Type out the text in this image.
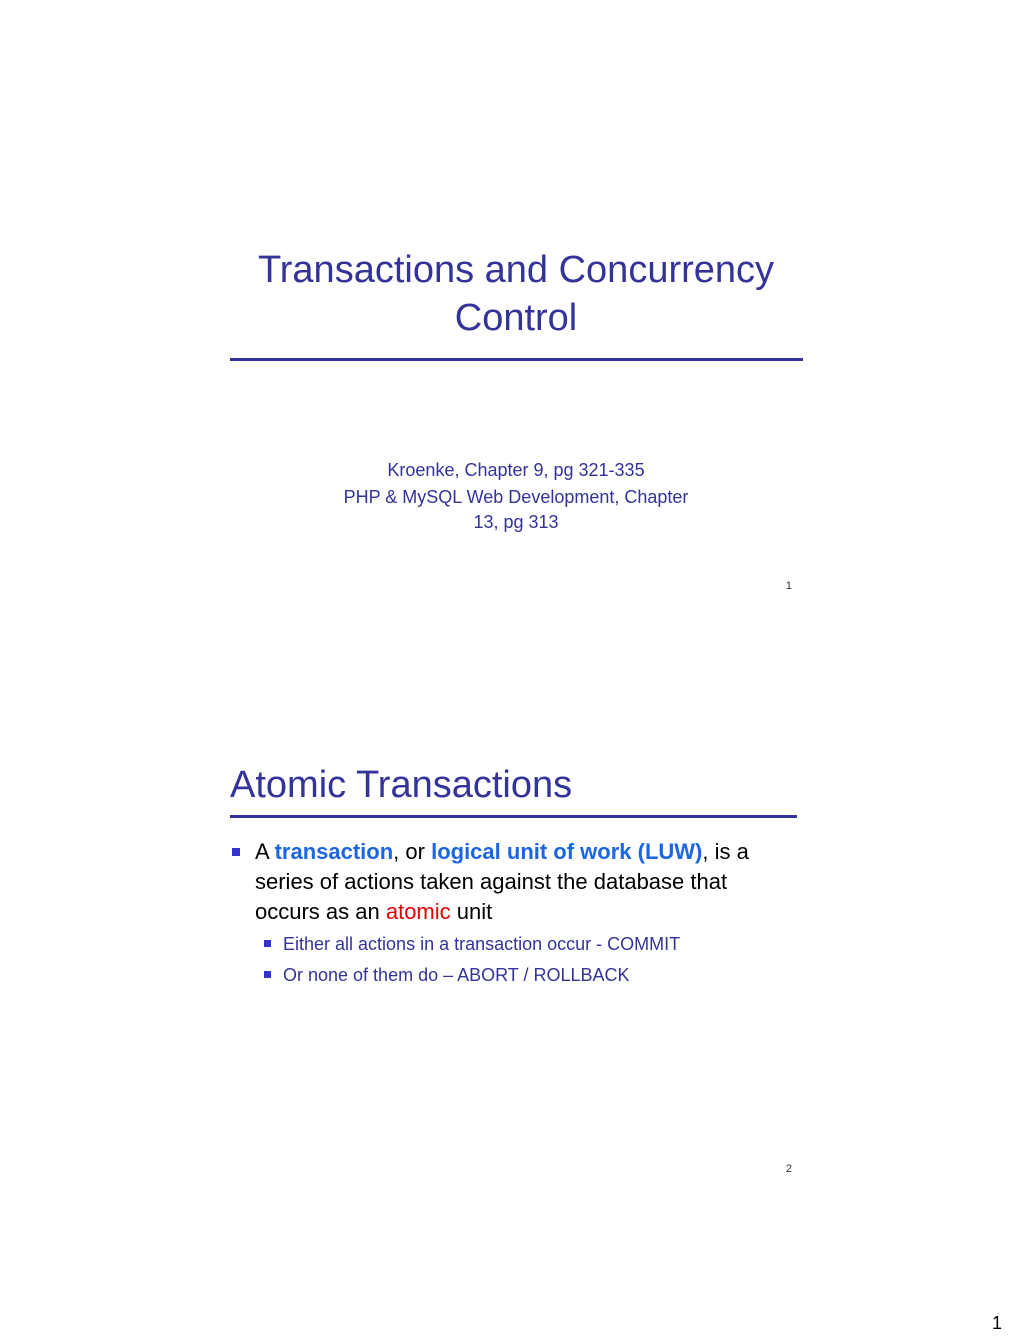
Transactions and Concurrency Control
Kroenke, Chapter 9, pg 321-335
PHP & MySQL Web Development, Chapter
13, pg 313
1
Atomic Transactions
A transaction, or logical unit of work (LUW), is a series of actions taken against the database that occurs as an atomic unit
Either all actions in a transaction occur - COMMIT
Or none of them do – ABORT / ROLLBACK
2
1
